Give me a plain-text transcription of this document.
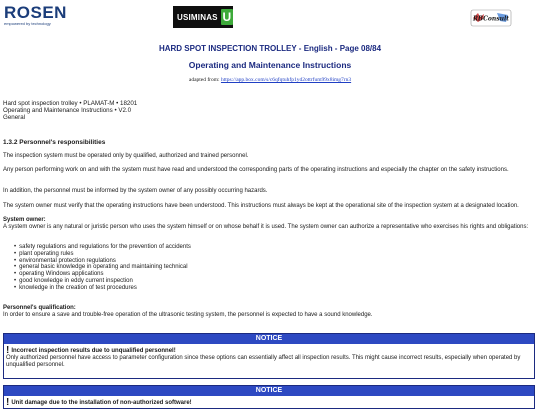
ROSEN
empowered by technology
USIMINAS U	RBConsult
HARD SPOT INSPECTION TROLLEY - English - Page 08/84
Operating and Maintenance Instructions
adapted from: https://app.box.com/s/c6qfqtuhfp1yd2ottrfum99x8img7rn3
Hard spot inspection trolley • PLAMAT-M • 18201
Operating and Maintenance Instructions • V2.0
General
1.3.2 Personnel's responsibilities

The inspection system must be operated only by qualified, authorized and trained personnel.

Any person performing work on and with the system must have read and understood the corresponding parts of the operating instructions and especially the chapter on the safety instructions.

In addition, the personnel must be informed by the system owner of any possibly occurring hazards.

The system owner must verify that the operating instructions have been understood. This instructions must always be kept at the operational site of the inspection system at a designated location.

System owner:

A system owner is any natural or juristic person who uses the system himself or on whose behalf it is used. The system owner can authorize a representative who exercises his rights and obligations:

• safety regulations and regulations for the prevention of accidents
• plant operating rules
• environmental protection regulations
• general basic knowledge in operating and maintaining technical
• operating Windows applications
• good knowledge in eddy current inspection
• knowledge in the creation of test procedures

Personnel's qualification:

In order to ensure a save and trouble-free operation of the ultrasonic testing system, the personnel is expected to have a sound knowledge.

NOTICE
! Incorrect inspection results due to unqualified personnel!
Only authorized personnel have access to parameter configuration since these options can essentially affect all inspection results. This might cause incorrect results, especially when operated by unqualified personnel.
NOTICE
! Unit damage due to the installation of non-authorized software!
